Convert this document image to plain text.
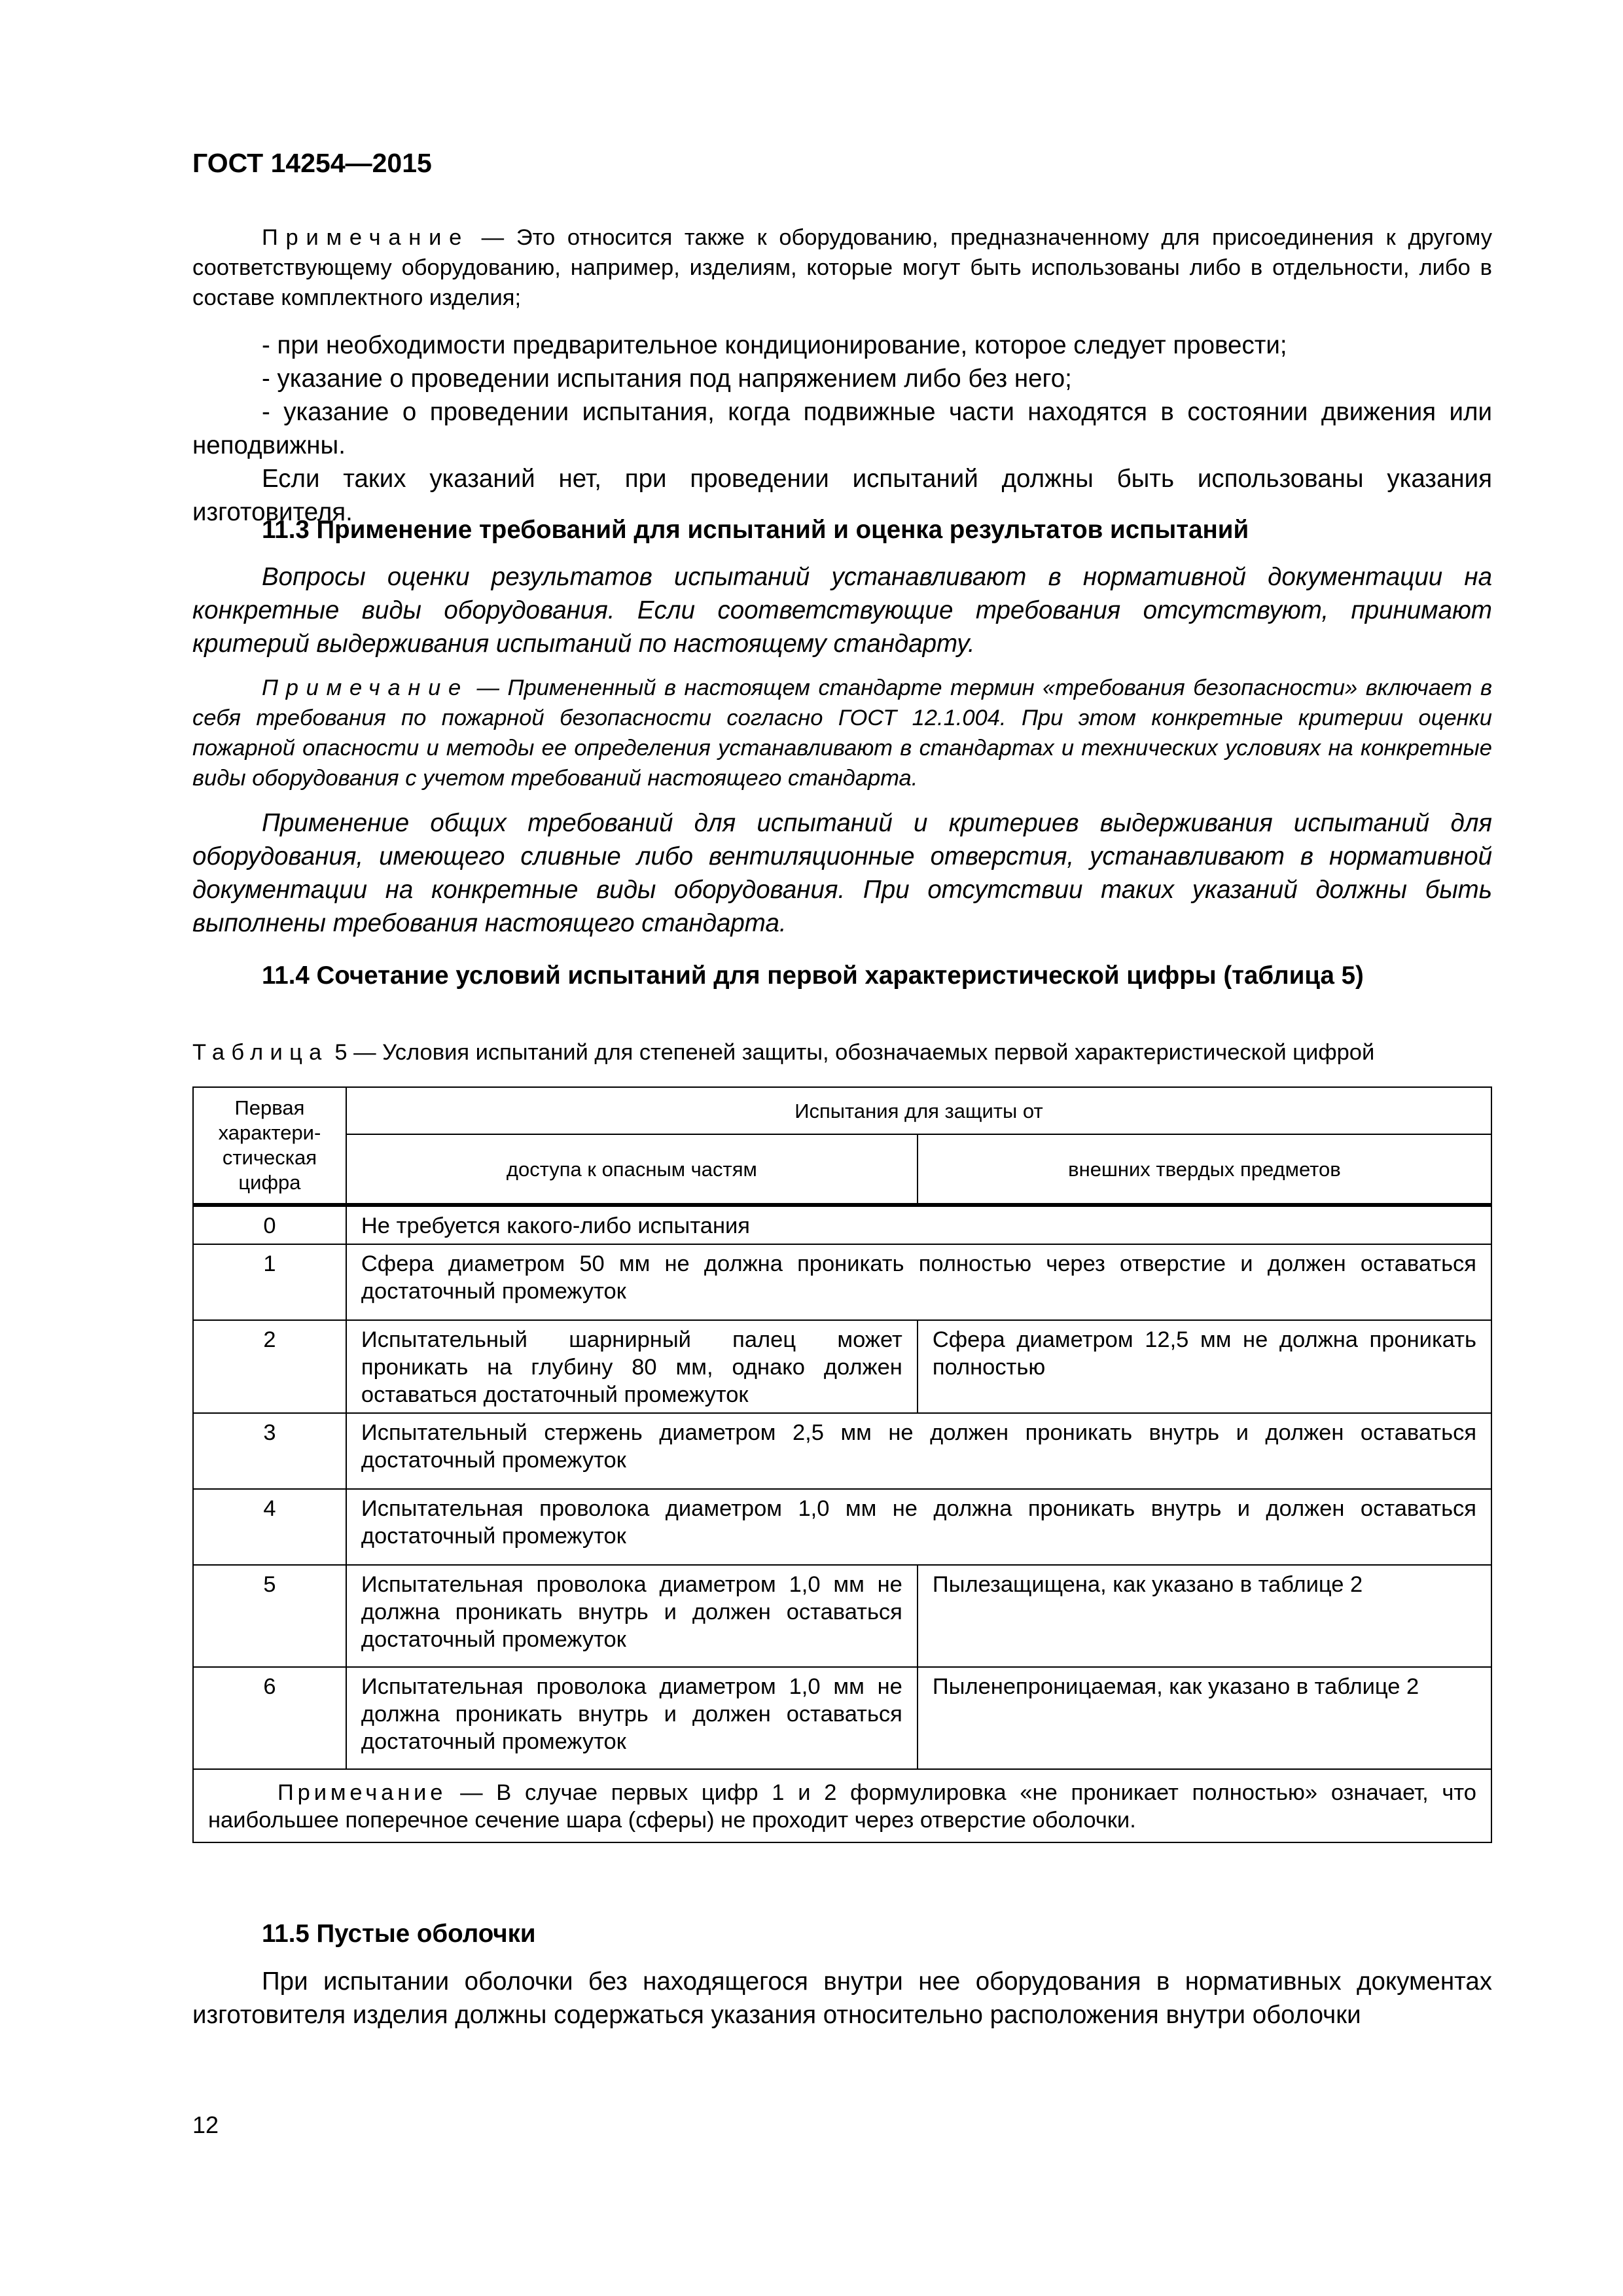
ГОСТ 14254—2015

Примечание — Это относится также к оборудованию, предназначенному для присоединения к другому соответствующему оборудованию, например, изделиям, которые могут быть использованы либо в отдельности, либо в составе комплектного изделия;

- при необходимости предварительное кондиционирование, которое следует провести;

- указание о проведении испытания под напряжением либо без него;

- указание о проведении испытания, когда подвижные части находятся в состоянии движения или неподвижны.

Если таких указаний нет, при проведении испытаний должны быть использованы указания изготовителя.

11.3 Применение требований для испытаний и оценка результатов испытаний

Вопросы оценки результатов испытаний устанавливают в нормативной документации на конкретные виды оборудования. Если соответствующие требования отсутствуют, принимают критерий выдерживания испытаний по настоящему стандарту.

Примечание — Примененный в настоящем стандарте термин «требования безопасности» включает в себя требования по пожарной безопасности согласно ГОСТ 12.1.004. При этом конкретные критерии оценки пожарной опасности и методы ее определения устанавливают в стандартах и технических условиях на конкретные виды оборудования с учетом требований настоящего стандарта.

Применение общих требований для испытаний и критериев выдерживания испытаний для оборудования, имеющего сливные либо вентиляционные отверстия, устанавливают в нормативной документации на конкретные виды оборудования. При отсутствии таких указаний должны быть выполнены требования настоящего стандарта.

11.4 Сочетание условий испытаний для первой характеристической цифры (таблица 5)
Таблица 5 — Условия испытаний для степеней защиты, обозначаемых первой характеристической цифрой
Первая характери-стическая цифра	Испытания для защиты от	
	доступа к опасным частям	внешних твердых предметов
0	Не требуется какого-либо испытания	
1	Сфера диаметром 50 мм не должна проникать полностью через отверстие и должен оставаться достаточный промежуток	
2	Испытательный шарнирный палец может проникать на глубину 80 мм, однако должен оставаться достаточный промежуток	Сфера диаметром 12,5 мм не должна проникать полностью
3	Испытательный стержень диаметром 2,5 мм не должен проникать внутрь и должен оставаться достаточный промежуток	
4	Испытательная проволока диаметром 1,0 мм не должна проникать внутрь и должен оставаться достаточный промежуток	
5	Испытательная проволока диаметром 1,0 мм не должна проникать внутрь и должен оставаться достаточный промежуток	Пылезащищена, как указано в таблице 2
6	Испытательная проволока диаметром 1,0 мм не должна проникать внутрь и должен оставаться достаточный промежуток	Пыленепроницаемая, как указано в таблице 2
Примечание — В случае первых цифр 1 и 2 формулировка «не проникает полностью» означает, что наибольшее поперечное сечение шара (сферы) не проходит через отверстие оболочки.		
11.5 Пустые оболочки

При испытании оболочки без находящегося внутри нее оборудования в нормативных документах изготовителя изделия должны содержаться указания относительно расположения внутри оболочки

12
